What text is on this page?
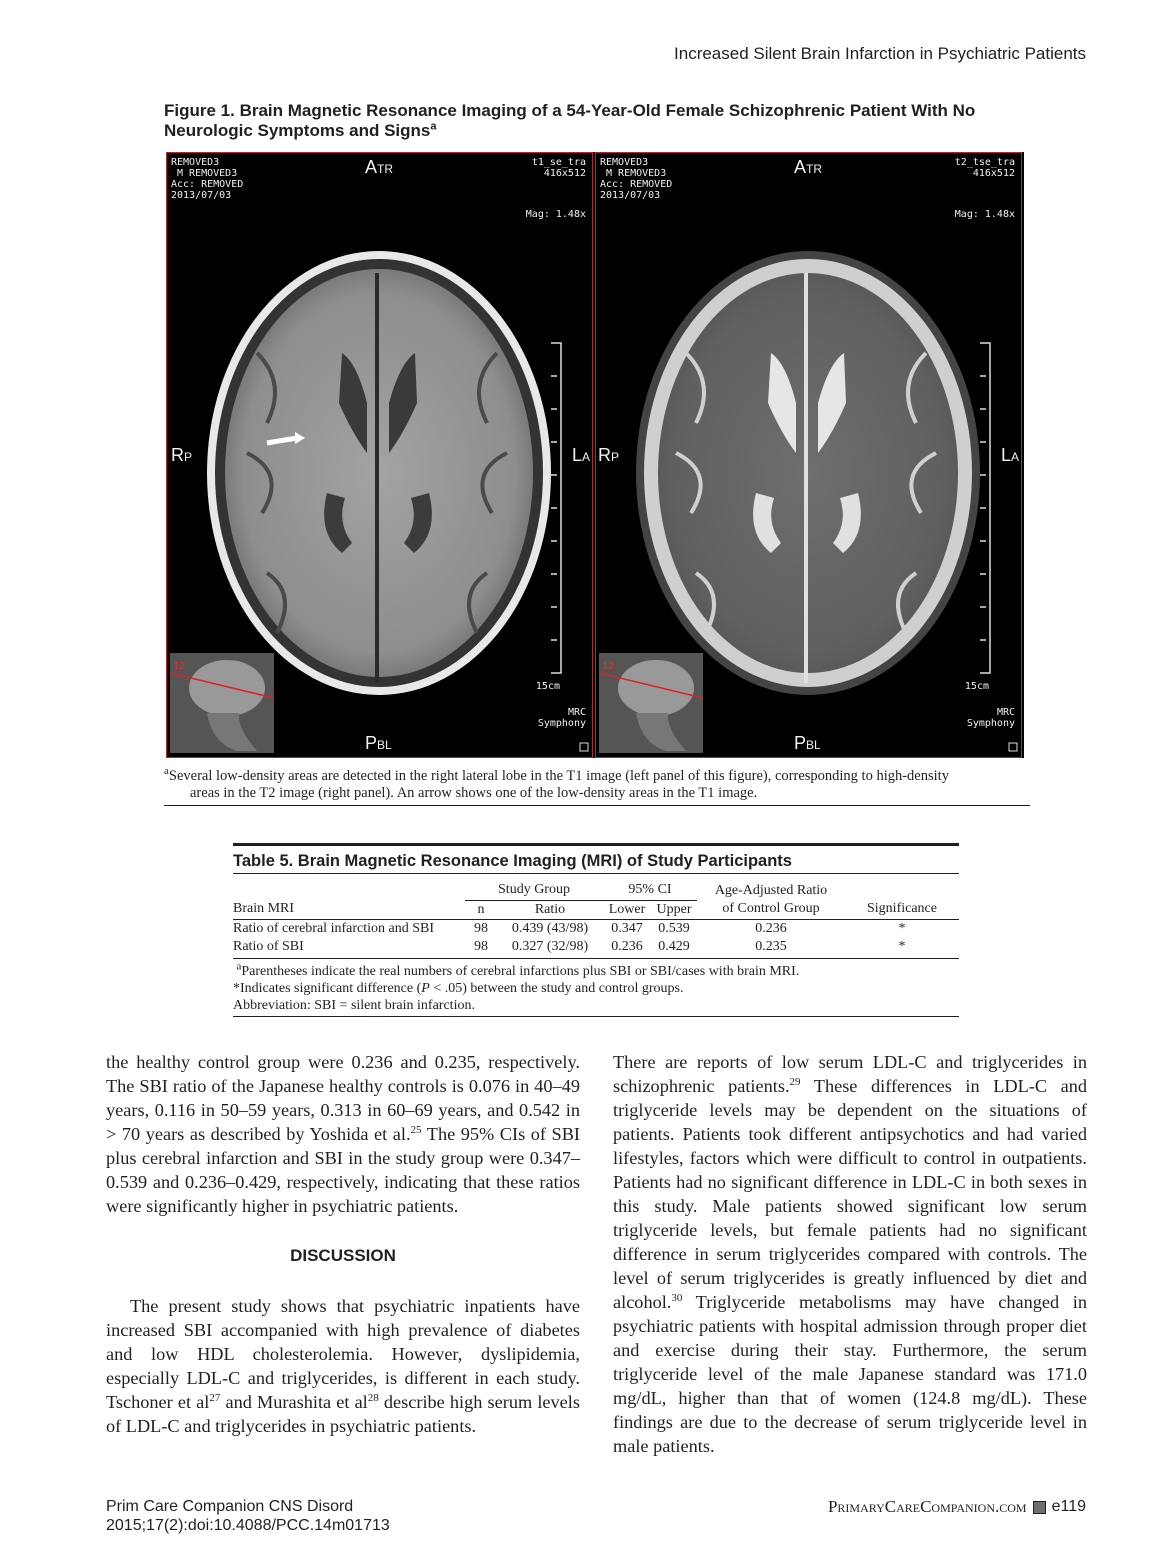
Increased Silent Brain Infarction in Psychiatric Patients
Figure 1. Brain Magnetic Resonance Imaging of a 54-Year-Old Female Schizophrenic Patient With No Neurologic Symptoms and Signs$^a$
REMOVED3
M REMOVED3
Acc: REMOVED
2013/07/03
t1_se_tra
416x512
Mag: 1.48x
ATR
RP	LA
PBL
15cm
MRC
Symphony
12
REMOVED3
M REMOVED3
Acc: REMOVED
2013/07/03
t2_tse_tra
416x512
Mag: 1.48x
ATR
RP	LA
PBL
15cm
MRC
Symphony
12
$^a$Several low-density areas are detected in the right lateral lobe in the T1 image (left panel of this figure), corresponding to high-density
areas in the T2 image (right panel). An arrow shows one of the low-density areas in the T1 image.
Table 5. Brain Magnetic Resonance Imaging (MRI) of Study Participants
	Study Group		95% CI		Age-Adjusted Ratio	
Brain MRI	n	Ratio	Lower	Upper	of Control Group	Significance
Ratio of cerebral infarction and SBI	98	0.439 (43/98)	0.347	0.539	0.236	*
Ratio of SBI	98	0.327 (32/98)	0.236	0.429	0.235	*
$^a$Parentheses indicate the real numbers of cerebral infarctions plus SBI or SBI/cases with brain MRI.
*Indicates significant difference (P < .05) between the study and control groups.
Abbreviation: SBI = silent brain infarction.

the healthy control group were 0.236 and 0.235, respectively. The SBI ratio of the Japanese healthy controls is 0.076 in 40–49 years, 0.116 in 50–59 years, 0.313 in 60–69 years, and 0.542 in > 70 years as described by Yoshida et al.$^{25}$ The 95% CIs of SBI plus cerebral infarction and SBI in the study group were 0.347–0.539 and 0.236–0.429, respectively, indicating that these ratios were significantly higher in psychiatric patients.

DISCUSSION

The present study shows that psychiatric inpatients have increased SBI accompanied with high prevalence of diabetes and low HDL cholesterolemia. However, dyslipidemia, especially LDL-C and triglycerides, is different in each study. Tschoner et $al^{27}$ and Murashita et $al^{28}$ describe high serum levels of LDL-C and triglycerides in psychiatric patients.

There are reports of low serum LDL-C and triglycerides in schizophrenic patients.$^{29}$ These differences in LDL-C and triglyceride levels may be dependent on the situations of patients. Patients took different antipsychotics and had varied lifestyles, factors which were difficult to control in outpatients. Patients had no significant difference in LDL-C in both sexes in this study. Male patients showed significant low serum triglyceride levels, but female patients had no significant difference in serum triglycerides compared with controls. The level of serum triglycerides is greatly influenced by diet and alcohol.$^{30}$ Triglyceride metabolisms may have changed in psychiatric patients with hospital admission through proper diet and exercise during their stay. Furthermore, the serum triglyceride level of the male Japanese standard was 171.0 mg/dL, higher than that of women (124.8 mg/dL). These findings are due to the decrease of serum triglyceride level in male patients.

Prim Care Companion CNS Disord
2015;17(2):doi:10.4088/PCC.14m01713
PrimaryCareCompanion.com e119
